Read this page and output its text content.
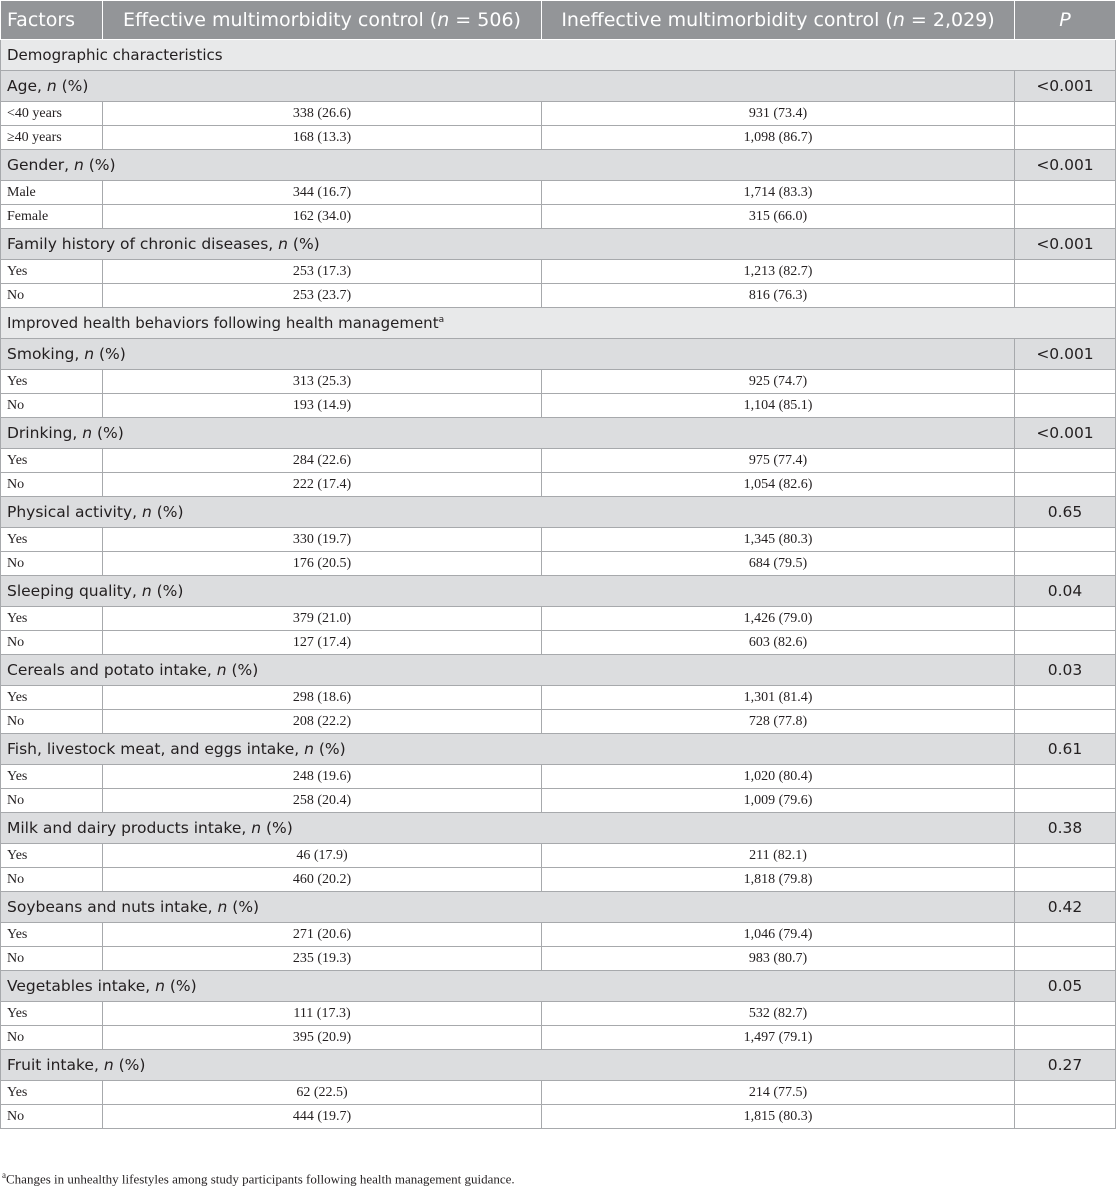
Factors	Effective multimorbidity control (n = 506)	Ineffective multimorbidity control (n = 2,029)	P
Demographic characteristics			
Age, n (%)			<0.001
<40 years	338 (26.6)	931 (73.4)	
≥40 years	168 (13.3)	1,098 (86.7)	
Gender, n (%)			<0.001
Male	344 (16.7)	1,714 (83.3)	
Female	162 (34.0)	315 (66.0)	
Family history of chronic diseases, n (%)			<0.001
Yes	253 (17.3)	1,213 (82.7)	
No	253 (23.7)	816 (76.3)	
Improved health behaviors following health management$^a$
Smoking, n (%)			<0.001
Yes	313 (25.3)	925 (74.7)	
No	193 (14.9)	1,104 (85.1)	
Drinking, n (%)			<0.001
Yes	284 (22.6)	975 (77.4)	
No	222 (17.4)	1,054 (82.6)	
Physical activity, n (%)			0.65
Yes	330 (19.7)	1,345 (80.3)	
No	176 (20.5)	684 (79.5)	
Sleeping quality, n (%)			0.04
Yes	379 (21.0)	1,426 (79.0)	
No	127 (17.4)	603 (82.6)	
Cereals and potato intake, n (%)			0.03
Yes	298 (18.6)	1,301 (81.4)	
No	208 (22.2)	728 (77.8)	
Fish, livestock meat, and eggs intake, n (%)			0.61
Yes	248 (19.6)	1,020 (80.4)	
No	258 (20.4)	1,009 (79.6)	
Milk and dairy products intake, n (%)			0.38
Yes	46 (17.9)	211 (82.1)	
No	460 (20.2)	1,818 (79.8)	
Soybeans and nuts intake, n (%)			0.42
Yes	271 (20.6)	1,046 (79.4)	
No	235 (19.3)	983 (80.7)	
Vegetables intake, n (%)			0.05
Yes	111 (17.3)	532 (82.7)	
No	395 (20.9)	1,497 (79.1)	
Fruit intake, n (%)			0.27
Yes	62 (22.5)	214 (77.5)	
No	444 (19.7)	1,815 (80.3)	
$^a$Changes in unhealthy lifestyles among study participants following health management guidance.
